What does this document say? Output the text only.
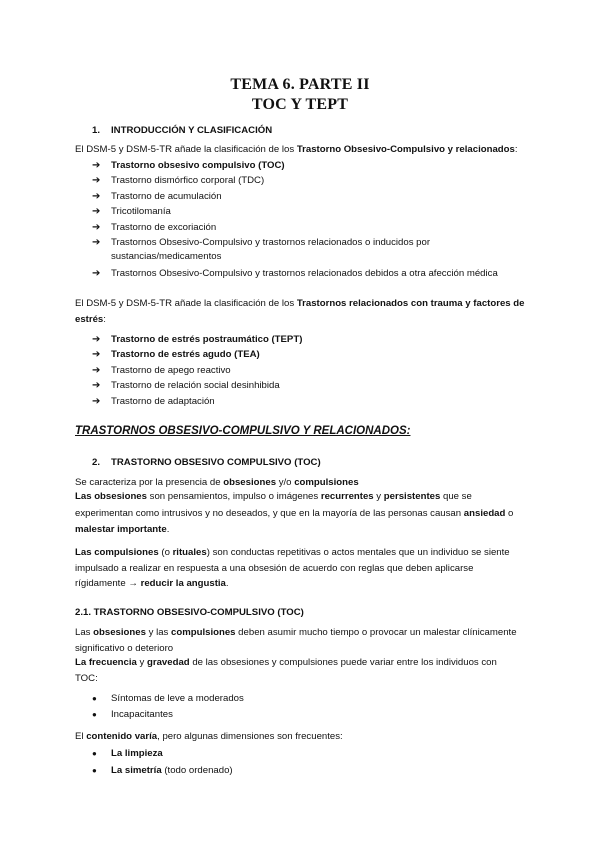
TEMA 6. PARTE II
TOC Y TEPT
1. INTRODUCCIÓN Y CLASIFICACIÓN
El DSM-5 y DSM-5-TR añade la clasificación de los Trastorno Obsesivo-Compulsivo y relacionados:
➔ Trastorno obsesivo compulsivo (TOC)
➔ Trastorno dismórfico corporal (TDC)
➔ Trastorno de acumulación
➔ Tricotilomanía
➔ Trastorno de excoriación
➔ Trastornos Obsesivo-Compulsivo y trastornos relacionados o inducidos por
sustancias/medicamentos
➔ Trastornos Obsesivo-Compulsivo y trastornos relacionados debidos a otra afección médica
El DSM-5 y DSM-5-TR añade la clasificación de los Trastornos relacionados con trauma y factores de
estrés:
➔ Trastorno de estrés postraumático (TEPT)
➔ Trastorno de estrés agudo (TEA)
➔ Trastorno de apego reactivo
➔ Trastorno de relación social desinhibida
➔ Trastorno de adaptación
TRASTORNOS OBSESIVO-COMPULSIVO Y RELACIONADOS:
2. TRASTORNO OBSESIVO COMPULSIVO (TOC)
Se caracteriza por la presencia de obsesiones y/o compulsiones
Las obsesiones son pensamientos, impulso o imágenes recurrentes y persistentes que se
experimentan como intrusivos y no deseados, y que en la mayoría de las personas causan ansiedad o
malestar importante.
Las compulsiones (o rituales) son conductas repetitivas o actos mentales que un individuo se siente
impulsado a realizar en respuesta a una obsesión de acuerdo con reglas que deben aplicarse
rígidamente → reducir la angustia.
2.1. TRASTORNO OBSESIVO-COMPULSIVO (TOC)
Las obsesiones y las compulsiones deben asumir mucho tiempo o provocar un malestar clínicamente
significativo o deterioro
La frecuencia y gravedad de las obsesiones y compulsiones puede variar entre los individuos con
TOC:
● Síntomas de leve a moderados
● Incapacitantes
El contenido varía, pero algunas dimensiones son frecuentes:
● La limpieza
● La simetría (todo ordenado)
